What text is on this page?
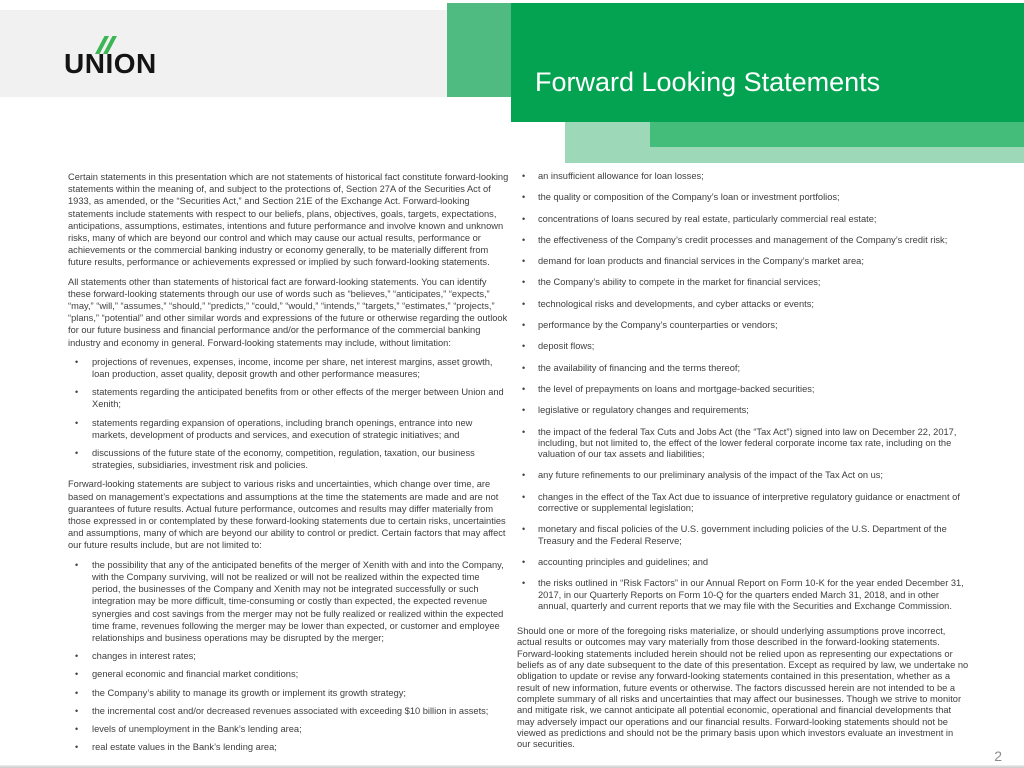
UNION
Forward Looking Statements

Certain statements in this presentation which are not statements of historical fact constitute forward-looking statements within the meaning of, and subject to the protections of, Section 27A of the Securities Act of 1933, as amended, or the “Securities Act,” and Section 21E of the Exchange Act. Forward-looking statements include statements with respect to our beliefs, plans, objectives, goals, targets, expectations, anticipations, assumptions, estimates, intentions and future performance and involve known and unknown risks, many of which are beyond our control and which may cause our actual results, performance or achievements or the commercial banking industry or economy generally, to be materially different from future results, performance or achievements expressed or implied by such forward-looking statements.

All statements other than statements of historical fact are forward-looking statements. You can identify these forward-looking statements through our use of words such as “believes,” “anticipates,” “expects,” “may,” “will,” “assumes,” “should,” “predicts,” “could,” “would,” “intends,” “targets,” “estimates,” “projects,” “plans,” “potential” and other similar words and expressions of the future or otherwise regarding the outlook for our future business and financial performance and/or the performance of the commercial banking industry and economy in general. Forward-looking statements may include, without limitation:

• projections of revenues, expenses, income, income per share, net interest margins, asset growth, loan production, asset quality, deposit growth and other performance measures;
• statements regarding the anticipated benefits from or other effects of the merger between Union and Xenith;
• statements regarding expansion of operations, including branch openings, entrance into new markets, development of products and services, and execution of strategic initiatives; and
• discussions of the future state of the economy, competition, regulation, taxation, our business strategies, subsidiaries, investment risk and policies.

Forward-looking statements are subject to various risks and uncertainties, which change over time, are based on management’s expectations and assumptions at the time the statements are made and are not guarantees of future results. Actual future performance, outcomes and results may differ materially from those expressed in or contemplated by these forward-looking statements due to certain risks, uncertainties and assumptions, many of which are beyond our ability to control or predict. Certain factors that may affect our future results include, but are not limited to:

• the possibility that any of the anticipated benefits of the merger of Xenith with and into the Company, with the Company surviving, will not be realized or will not be realized within the expected time period, the businesses of the Company and Xenith may not be integrated successfully or such integration may be more difficult, time-consuming or costly than expected, the expected revenue synergies and cost savings from the merger may not be fully realized or realized within the expected time frame, revenues following the merger may be lower than expected, or customer and employee relationships and business operations may be disrupted by the merger;
• changes in interest rates;
• general economic and financial market conditions;
• the Company’s ability to manage its growth or implement its growth strategy;
• the incremental cost and/or decreased revenues associated with exceeding $10 billion in assets;
• levels of unemployment in the Bank’s lending area;
• real estate values in the Bank’s lending area;
• an insufficient allowance for loan losses;
• the quality or composition of the Company’s loan or investment portfolios;
• concentrations of loans secured by real estate, particularly commercial real estate;
• the effectiveness of the Company’s credit processes and management of the Company’s credit risk;
• demand for loan products and financial services in the Company’s market area;
• the Company’s ability to compete in the market for financial services;
• technological risks and developments, and cyber attacks or events;
• performance by the Company’s counterparties or vendors;
• deposit flows;
• the availability of financing and the terms thereof;
• the level of prepayments on loans and mortgage-backed securities;
• legislative or regulatory changes and requirements;
• the impact of the federal Tax Cuts and Jobs Act (the “Tax Act”) signed into law on December 22, 2017, including, but not limited to, the effect of the lower federal corporate income tax rate, including on the valuation of our tax assets and liabilities;
• any future refinements to our preliminary analysis of the impact of the Tax Act on us;
• changes in the effect of the Tax Act due to issuance of interpretive regulatory guidance or enactment of corrective or supplemental legislation;
• monetary and fiscal policies of the U.S. government including policies of the U.S. Department of the Treasury and the Federal Reserve;
• accounting principles and guidelines; and
• the risks outlined in “Risk Factors” in our Annual Report on Form 10-K for the year ended December 31, 2017, in our Quarterly Reports on Form 10-Q for the quarters ended March 31, 2018, and in other annual, quarterly and current reports that we may file with the Securities and Exchange Commission.

Should one or more of the foregoing risks materialize, or should underlying assumptions prove incorrect, actual results or outcomes may vary materially from those described in the forward-looking statements. Forward-looking statements included herein should not be relied upon as representing our expectations or beliefs as of any date subsequent to the date of this presentation. Except as required by law, we undertake no obligation to update or revise any forward-looking statements contained in this presentation, whether as a result of new information, future events or otherwise. The factors discussed herein are not intended to be a complete summary of all risks and uncertainties that may affect our businesses. Though we strive to monitor and mitigate risk, we cannot anticipate all potential economic, operational and financial developments that may adversely impact our operations and our financial results. Forward-looking statements should not be viewed as predictions and should not be the primary basis upon which investors evaluate an investment in our securities.

2
